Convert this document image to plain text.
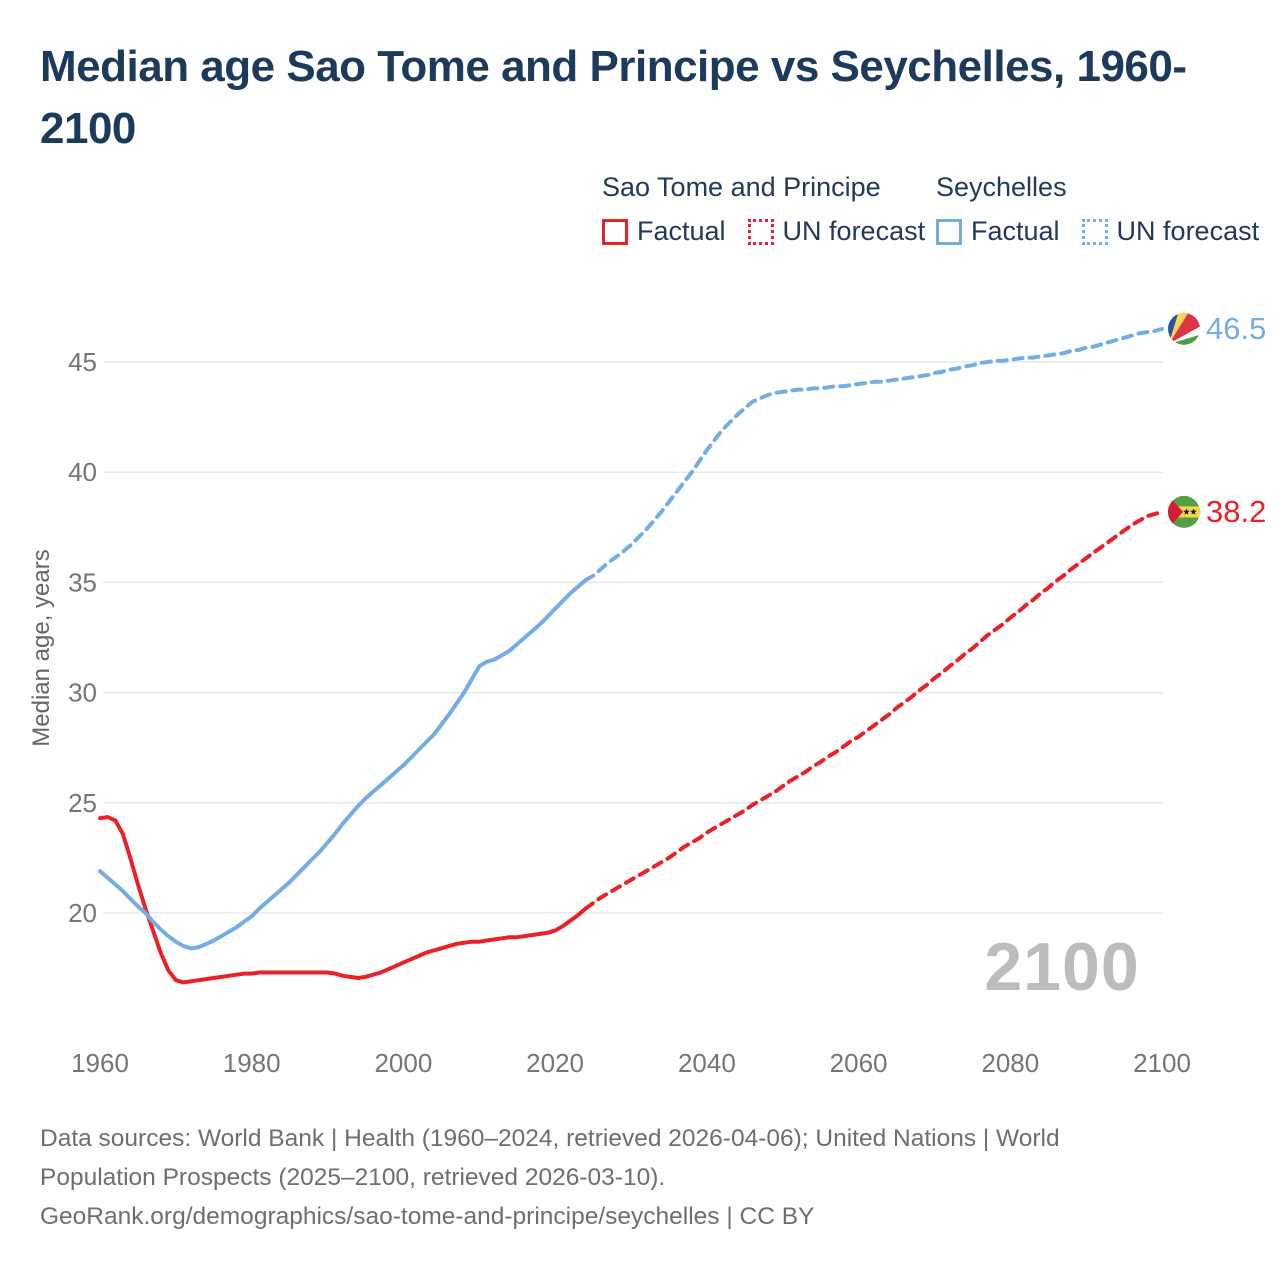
Median age Sao Tome and Principe vs Seychelles, 1960-
2100
Sao Tome and Principe
Factual UN forecast
Seychelles
Factual UN forecast
Median age, years
2100
20
25
30
35
40
45
1960	1980	2000	2020	2040	2060	2080	2100
38.2
46.5
Data sources: World Bank | Health (1960–2024, retrieved 2026-04-06); United Nations | World
Population Prospects (2025–2100, retrieved 2026-03-10).
GeoRank.org/demographics/sao-tome-and-principe/seychelles | CC BY
